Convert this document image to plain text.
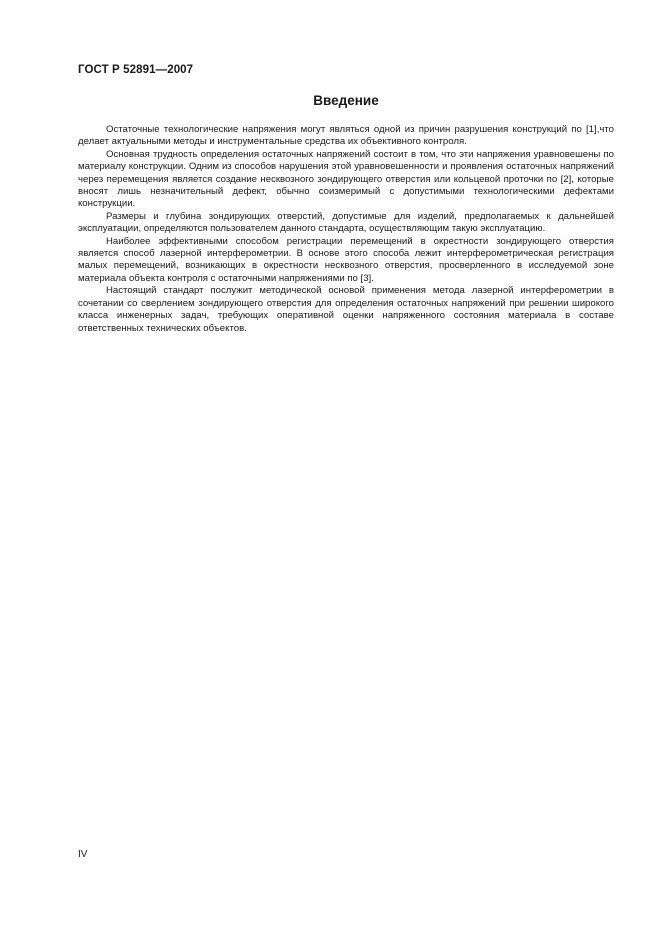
ГОСТ Р 52891—2007
Введение

Остаточные технологические напряжения могут являться одной из причин разрушения конструкций по [1],что делает актуальными методы и инструментальные средства их объективного контроля.

Основная трудность определения остаточных напряжений состоит в том, что эти напряжения уравновешены по материалу конструкции. Одним из способов нарушения этой уравновешенности и проявления остаточных напряжений через перемещения является создание несквозного зондирующего отверстия или кольцевой проточки по [2], которые вносят лишь незначительный дефект, обычно соизмеримый с допустимыми технологическими дефектами конструкции.

Размеры и глубина зондирующих отверстий, допустимые для изделий, предполагаемых к дальнейшей эксплуатации, определяются пользователем данного стандарта, осуществляющим такую эксплуатацию.

Наиболее эффективными способом регистрации перемещений в окрестности зондирующего отверстия является способ лазерной интерферометрии. В основе этого способа лежит интерферометрическая регистрация малых перемещений, возникающих в окрестности несквозного отверстия, просверленного в исследуемой зоне материала объекта контроля с остаточными напряжениями по [3].

Настоящий стандарт послужит методической основой применения метода лазерной интерферометрии в сочетании со сверлением зондирующего отверстия для определения остаточных напряжений при решении широкого класса инженерных задач, требующих оперативной оценки напряженного состояния материала в составе ответственных технических объектов.

IV
